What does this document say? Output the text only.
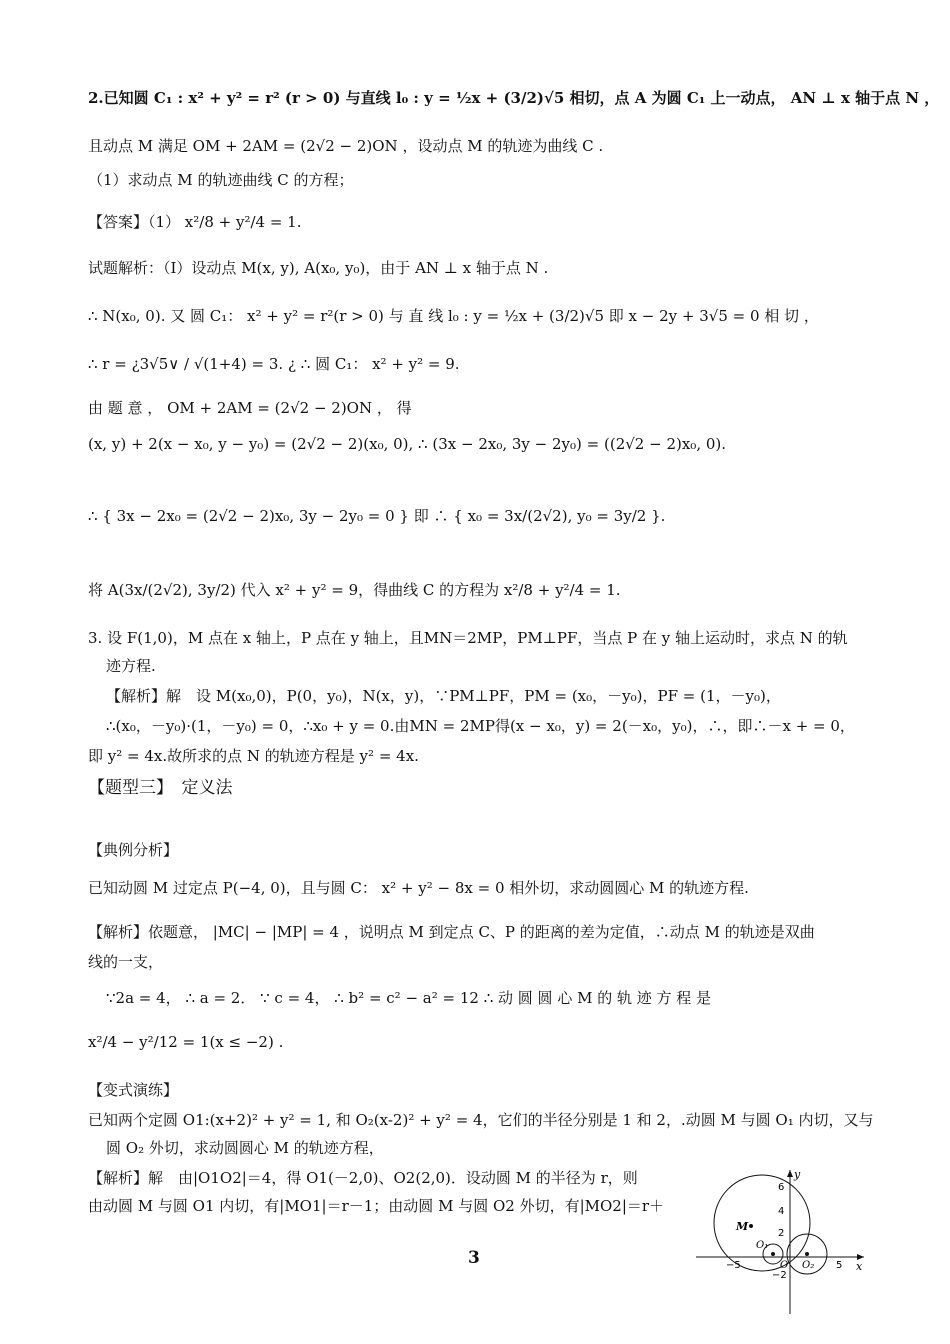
2.已知圆 C₁ : x² + y² = r² (r > 0) 与直线 l₀ : y = ½x + (3/2)√5 相切，点 A 为圆 C₁ 上一动点， AN ⊥ x 轴于点 N ，
且动点 M 满足 OM + 2AM = (2√2 − 2)ON ，设动点 M 的轨迹为曲线 C .
（1）求动点 M 的轨迹曲线 C 的方程；
【答案】（1） x²/8 + y²/4 = 1.
试题解析：（Ⅰ）设动点 M(x, y), A(x₀, y₀)，由于 AN ⊥ x 轴于点 N .
∴ N(x₀, 0). 又 圆 C₁： x² + y² = r²(r > 0) 与 直 线 l₀ : y = ½x + (3/2)√5 即 x − 2y + 3√5 = 0 相 切 ，
∴ r = ¿3√5∨ / √(1+4) = 3. ¿ ∴ 圆 C₁： x² + y² = 9.
由 题 意 ， OM + 2AM = (2√2 − 2)ON ， 得
(x, y) + 2(x − x₀, y − y₀) = (2√2 − 2)(x₀, 0), ∴ (3x − 2x₀, 3y − 2y₀) = ((2√2 − 2)x₀, 0).
∴ { 3x − 2x₀ = (2√2 − 2)x₀, 3y − 2y₀ = 0 } 即 ∴ { x₀ = 3x/(2√2), y₀ = 3y/2 }.
将 A(3x/(2√2), 3y/2) 代入 x² + y² = 9，得曲线 C 的方程为 x²/8 + y²/4 = 1.
3. 设 F(1,0)，M 点在 x 轴上，P 点在 y 轴上，且MN＝2MP，PM⊥PF，当点 P 在 y 轴上运动时，求点 N 的轨
迹方程.
【解析】解　设 M(x₀,0)，P(0，y₀)，N(x，y)，∵PM⊥PF，PM = (x₀，－y₀)，PF = (1，－y₀)，
∴(x₀，－y₀)·(1，－y₀) = 0，∴x₀ + y = 0.由MN = 2MP得(x − x₀，y) = 2(－x₀，y₀)，∴，即∴－x + = 0，
即 y² = 4x.故所求的点 N 的轨迹方程是 y² = 4x.
【题型三】　定义法
【典例分析】
已知动圆 M 过定点 P(−4, 0)，且与圆 C： x² + y² − 8x = 0 相外切，求动圆圆心 M 的轨迹方程.
【解析】依题意， |MC| − |MP| = 4 ，说明点 M 到定点 C、P 的距离的差为定值，∴动点 M 的轨迹是双曲
线的一支，
∵2a = 4， ∴ a = 2． ∵ c = 4， ∴ b² = c² − a² = 12 ∴ 动 圆 圆 心 M 的 轨 迹 方 程 是
x²/4 − y²/12 = 1(x ≤ −2) .
【变式演练】
已知两个定圆 O1:(x+2)² + y² = 1, 和 O₂(x-2)² + y² = 4，它们的半径分别是 1 和 2，.动圆 M 与圆 O₁ 内切，又与
圆 O₂ 外切，求动圆圆心 M 的轨迹方程，
【解析】解　由|O1O2|＝4，得 O1(－2,0)、O2(2,0)．设动圆 M 的半径为 r，则
由动圆 M 与圆 O1 内切，有|MO1|＝r－1；由动圆 M 与圆 O2 外切，有|MO2|＝r＋
3
y
x
6
4
2
−2
−5	5
M
O₁
O O₂
